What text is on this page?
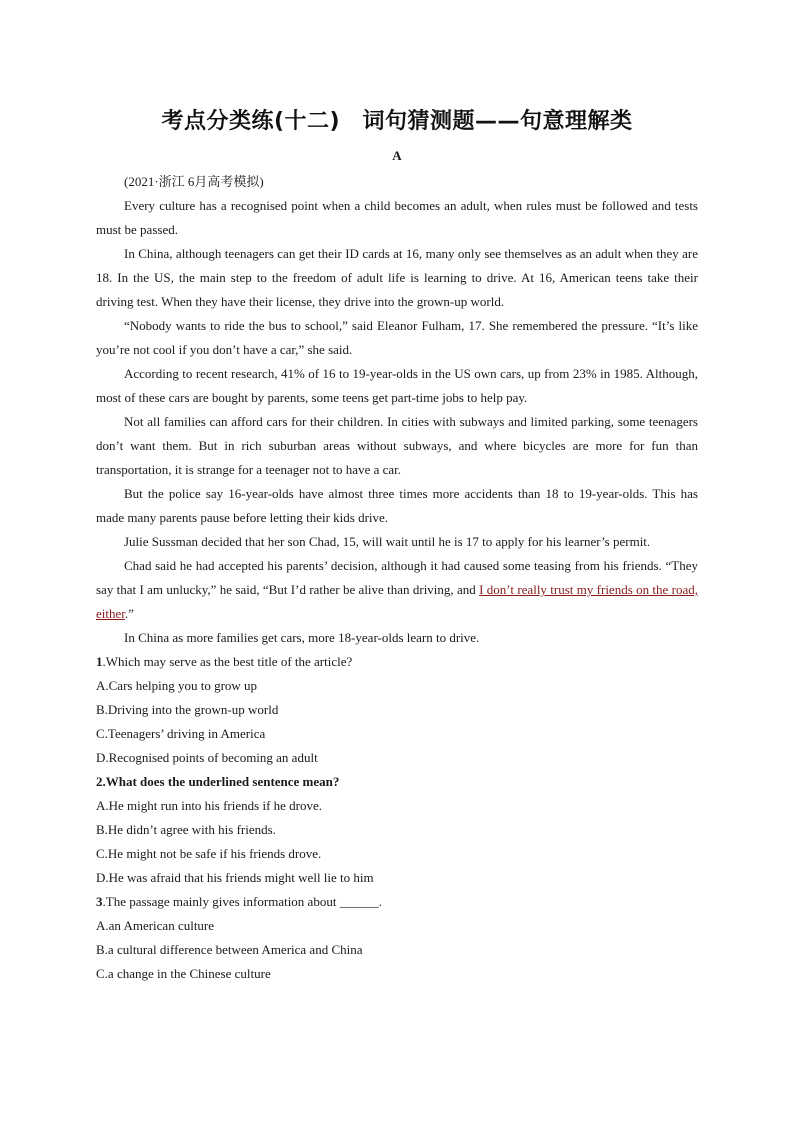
考点分类练(十二)　词句猜测题——句意理解类
A

(2021·浙江 6月高考模拟)

Every culture has a recognised point when a child becomes an adult, when rules must be followed and tests must be passed.

In China, although teenagers can get their ID cards at 16, many only see themselves as an adult when they are 18. In the US, the main step to the freedom of adult life is learning to drive. At 16, American teens take their driving test. When they have their license, they drive into the grown-up world.

“Nobody wants to ride the bus to school,” said Eleanor Fulham, 17. She remembered the pressure. “It’s like you’re not cool if you don’t have a car,” she said.

According to recent research, 41% of 16 to 19-year-olds in the US own cars, up from 23% in 1985. Although, most of these cars are bought by parents, some teens get part-time jobs to help pay.

Not all families can afford cars for their children. In cities with subways and limited parking, some teenagers don’t want them. But in rich suburban areas without subways, and where bicycles are more for fun than transportation, it is strange for a teenager not to have a car.

But the police say 16-year-olds have almost three times more accidents than 18 to 19-year-olds. This has made many parents pause before letting their kids drive.

Julie Sussman decided that her son Chad, 15, will wait until he is 17 to apply for his learner’s permit.

Chad said he had accepted his parents’ decision, although it had caused some teasing from his friends. “They say that I am unlucky,” he said, “But I’d rather be alive than driving, and I don’t really trust my friends on the road, either.”

In China as more families get cars, more 18-year-olds learn to drive.

1.Which may serve as the best title of the article?

A.Cars helping you to grow up

B.Driving into the grown-up world

C.Teenagers’ driving in America

D.Recognised points of becoming an adult

2.What does the underlined sentence mean?

A.He might run into his friends if he drove.

B.He didn’t agree with his friends.

C.He might not be safe if his friends drove.

D.He was afraid that his friends might well lie to him

3.The passage mainly gives information about ______.

A.an American culture

B.a cultural difference between America and China

C.a change in the Chinese culture
